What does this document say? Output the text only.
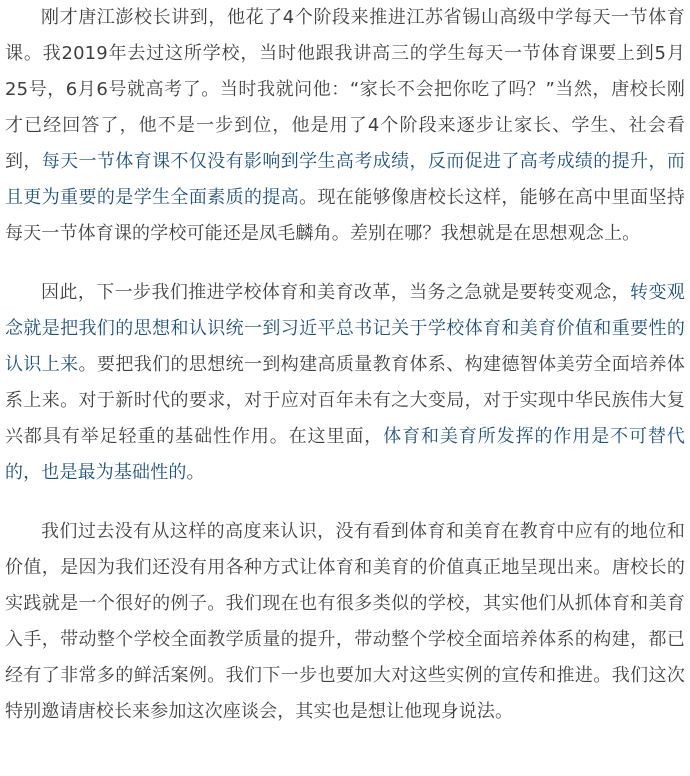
刚才唐江澎校长讲到，他花了4个阶段来推进江苏省锡山高级中学每天一节体育课。我2019年去过这所学校，当时他跟我讲高三的学生每天一节体育课要上到5月25号，6月6号就高考了。当时我就问他：“家长不会把你吃了吗？”当然，唐校长刚才已经回答了，他不是一步到位，他是用了4个阶段来逐步让家长、学生、社会看到，每天一节体育课不仅没有影响到学生高考成绩，反而促进了高考成绩的提升，而且更为重要的是学生全面素质的提高。现在能够像唐校长这样，能够在高中里面坚持每天一节体育课的学校可能还是凤毛麟角。差别在哪？我想就是在思想观念上。

因此，下一步我们推进学校体育和美育改革，当务之急就是要转变观念，转变观念就是把我们的思想和认识统一到习近平总书记关于学校体育和美育价值和重要性的认识上来。要把我们的思想统一到构建高质量教育体系、构建德智体美劳全面培养体系上来。对于新时代的要求，对于应对百年未有之大变局，对于实现中华民族伟大复兴都具有举足轻重的基础性作用。在这里面，体育和美育所发挥的作用是不可替代的，也是最为基础性的。

我们过去没有从这样的高度来认识，没有看到体育和美育在教育中应有的地位和价值，是因为我们还没有用各种方式让体育和美育的价值真正地呈现出来。唐校长的实践就是一个很好的例子。我们现在也有很多类似的学校，其实他们从抓体育和美育入手，带动整个学校全面教学质量的提升，带动整个学校全面培养体系的构建，都已经有了非常多的鲜活案例。我们下一步也要加大对这些实例的宣传和推进。我们这次特别邀请唐校长来参加这次座谈会，其实也是想让他现身说法。
